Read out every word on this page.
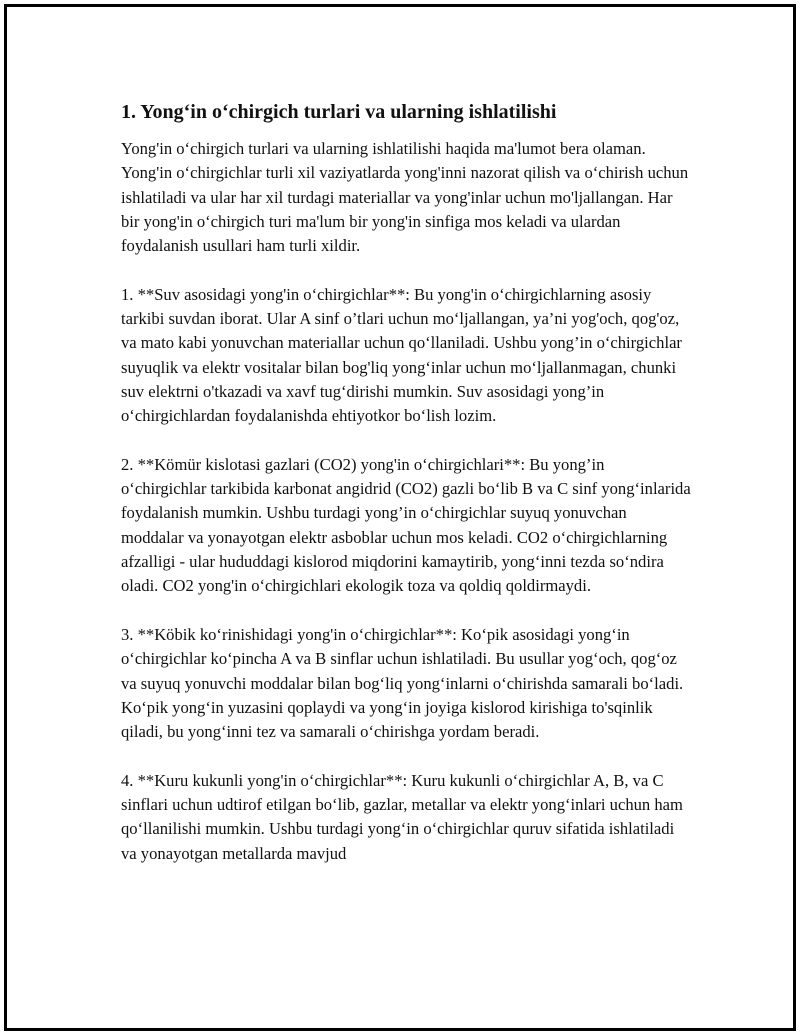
1. Yong‘in o‘chirgich turlari va ularning ishlatilishi

Yong'in o‘chirgich turlari va ularning ishlatilishi haqida ma'lumot bera olaman. Yong'in o‘chirgichlar turli xil vaziyatlarda yong'inni nazorat qilish va o‘chirish uchun ishlatiladi va ular har xil turdagi materiallar va yong'inlar uchun mo'ljallangan. Har bir yong'in o‘chirgich turi ma'lum bir yong'in sinfiga mos keladi va ulardan foydalanish usullari ham turli xildir.

1. **Suv asosidagi yong'in o‘chirgichlar**: Bu yong'in o‘chirgichlarning asosiy tarkibi suvdan iborat. Ular A sinf o’tlari uchun mo‘ljallangan, ya’ni yog'och, qog'oz, va mato kabi yonuvchan materiallar uchun qo‘llaniladi. Ushbu yong’in o‘chirgichlar suyuqlik va elektr vositalar bilan bog'liq yong‘inlar uchun mo‘ljallanmagan, chunki suv elektrni o'tkazadi va xavf tug‘dirishi mumkin. Suv asosidagi yong’in o‘chirgichlardan foydalanishda ehtiyotkor bo‘lish lozim.

2. **Kömür kislotasi gazlari (CO2) yong'in o‘chirgichlari**: Bu yong’in o‘chirgichlar tarkibida karbonat angidrid (CO2) gazli bo‘lib B va C sinf yong‘inlarida foydalanish mumkin. Ushbu turdagi yong’in o‘chirgichlar suyuq yonuvchan moddalar va yonayotgan elektr asboblar uchun mos keladi. CO2 o‘chirgichlarning afzalligi - ular hududdagi kislorod miqdorini kamaytirib, yong‘inni tezda so‘ndira oladi. CO2 yong'in o‘chirgichlari ekologik toza va qoldiq qoldirmaydi.

3. **Köbik ko‘rinishidagi yong'in o‘chirgichlar**: Ko‘pik asosidagi yong‘in o‘chirgichlar ko‘pincha A va B sinflar uchun ishlatiladi. Bu usullar yog‘och, qog‘oz va suyuq yonuvchi moddalar bilan bog‘liq yong‘inlarni o‘chirishda samarali bo‘ladi. Ko‘pik yong‘in yuzasini qoplaydi va yong‘in joyiga kislorod kirishiga to'sqinlik qiladi, bu yong‘inni tez va samarali o‘chirishga yordam beradi.

4. **Kuru kukunli yong'in o‘chirgichlar**: Kuru kukunli o‘chirgichlar A, B, va C sinflari uchun udtirof etilgan bo‘lib, gazlar, metallar va elektr yong‘inlari uchun ham qo‘llanilishi mumkin. Ushbu turdagi yong‘in o‘chirgichlar quruv sifatida ishlatiladi va yonayotgan metallarda mavjud
